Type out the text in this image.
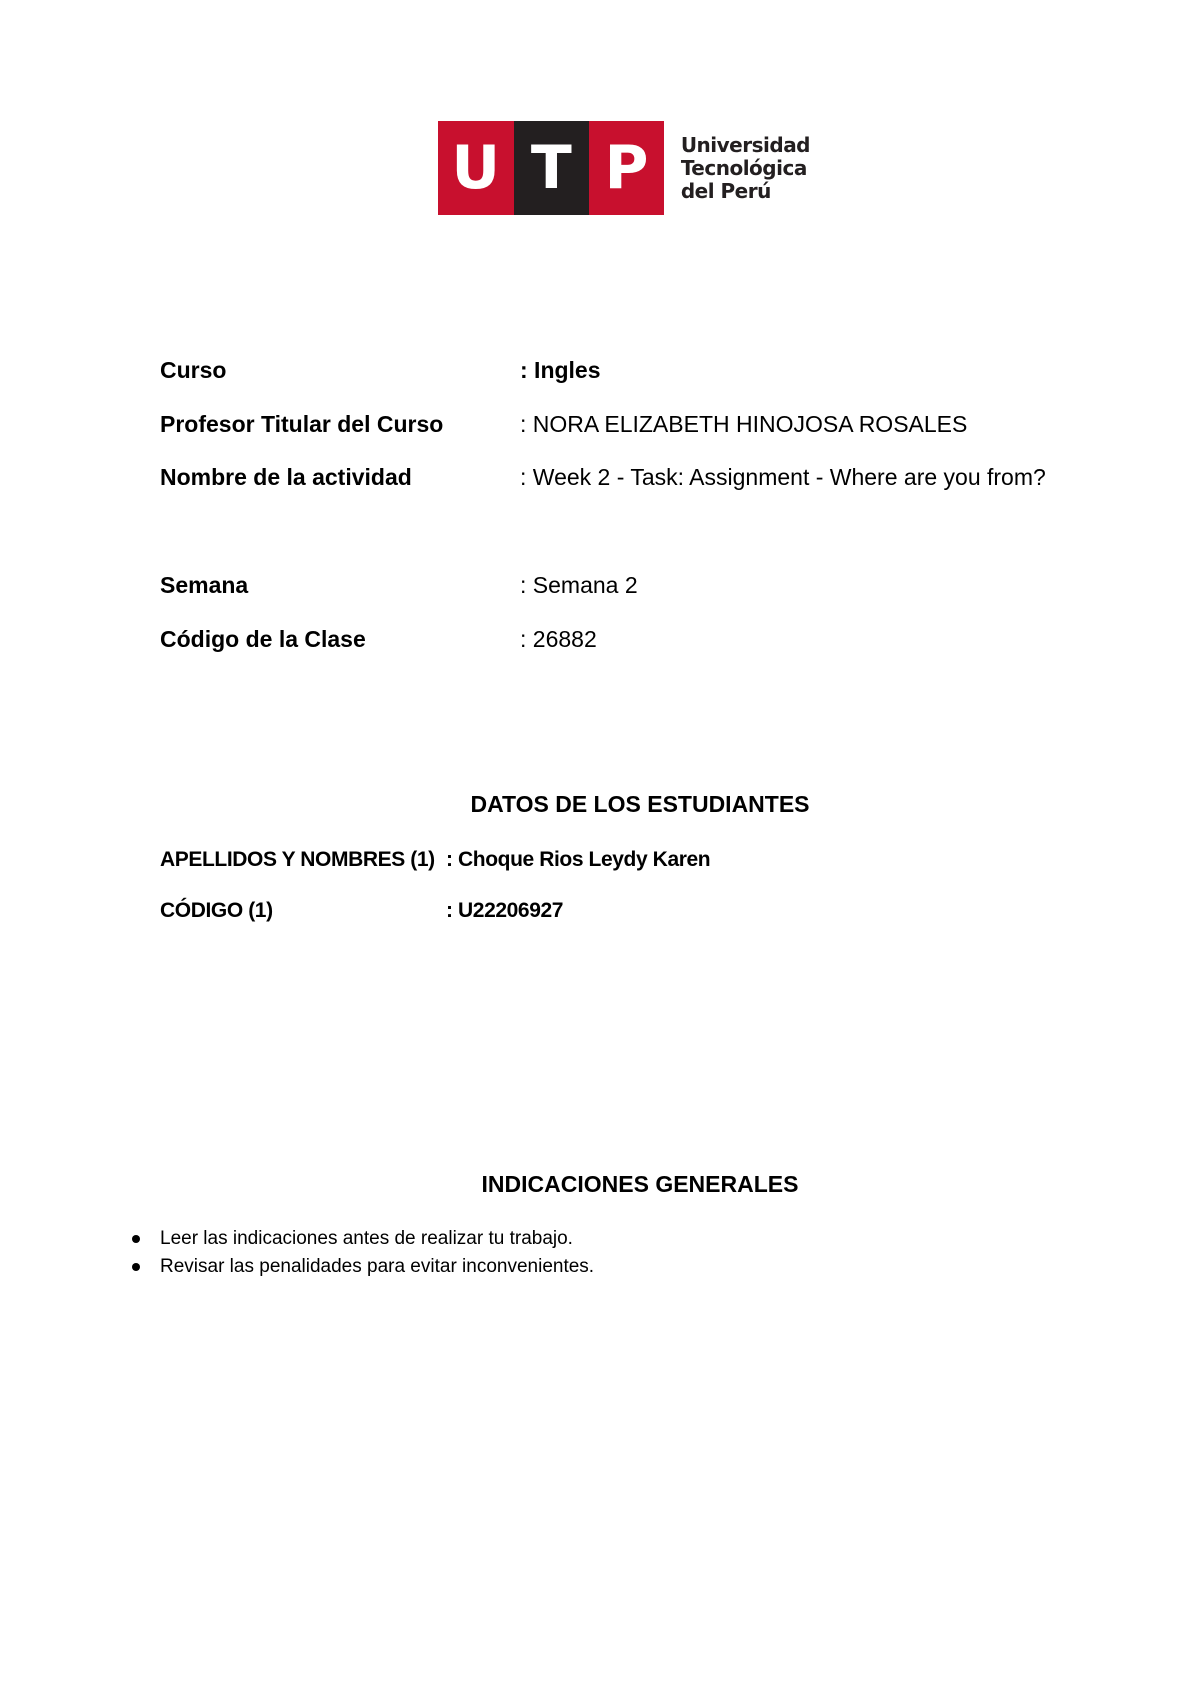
U T P	Universidad
Tecnológica
del Perú
Curso	: Ingles
Profesor Titular del Curso	: NORA ELIZABETH HINOJOSA ROSALES
Nombre de la actividad	: Week 2 - Task: Assignment - Where are you from?
Semana	: Semana 2
Código de la Clase	: 26882
DATOS DE LOS ESTUDIANTES
APELLIDOS Y NOMBRES (1) : Choque Rios Leydy Karen
CÓDIGO (1)	: U22206927
INDICACIONES GENERALES
Leer las indicaciones antes de realizar tu trabajo.
Revisar las penalidades para evitar inconvenientes.
